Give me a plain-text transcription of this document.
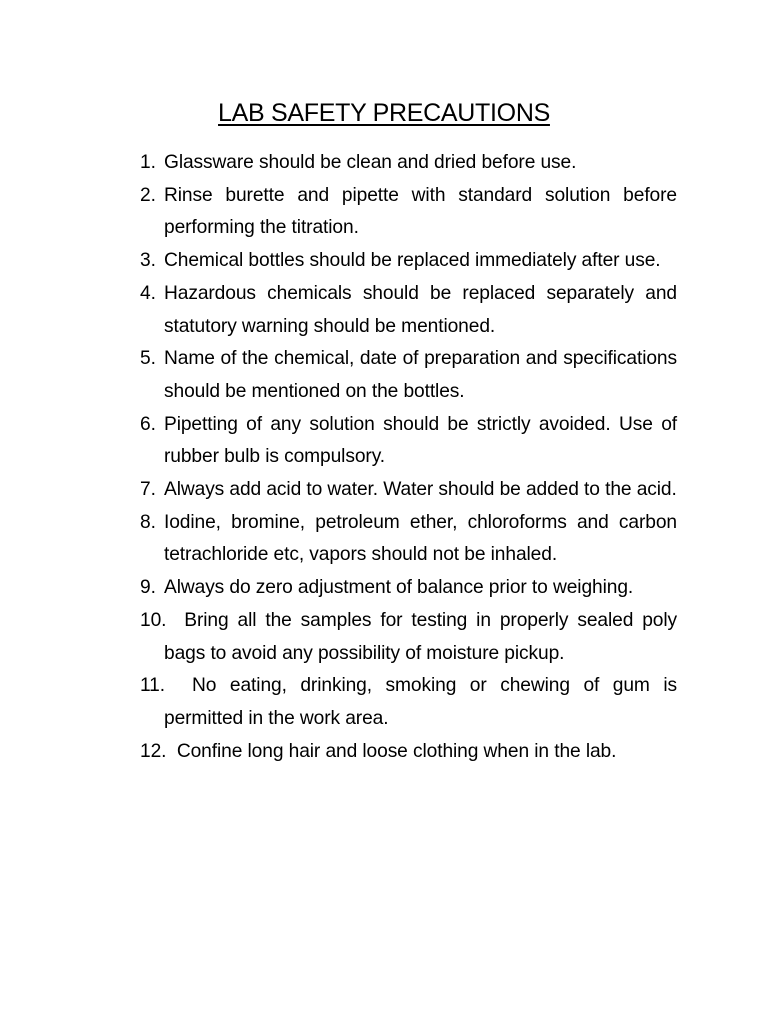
LAB SAFETY PRECAUTIONS
1. Glassware should be clean and dried before use.
2. Rinse burette and pipette with standard solution before performing the titration.
3. Chemical bottles should be replaced immediately after use.
4. Hazardous chemicals should be replaced separately and statutory warning should be mentioned.
5. Name of the chemical, date of preparation and specifications should be mentioned on the bottles.
6. Pipetting of any solution should be strictly avoided. Use of rubber bulb is compulsory.
7. Always add acid to water. Water should be added to the acid.
8. Iodine, bromine, petroleum ether, chloroforms and carbon tetrachloride etc, vapors should not be inhaled.
9. Always do zero adjustment of balance prior to weighing.
10.  Bring all the samples for testing in properly sealed poly bags to avoid any possibility of moisture pickup.
11.  No eating, drinking, smoking or chewing of gum is permitted in the work area.
12.  Confine long hair and loose clothing when in the lab.
